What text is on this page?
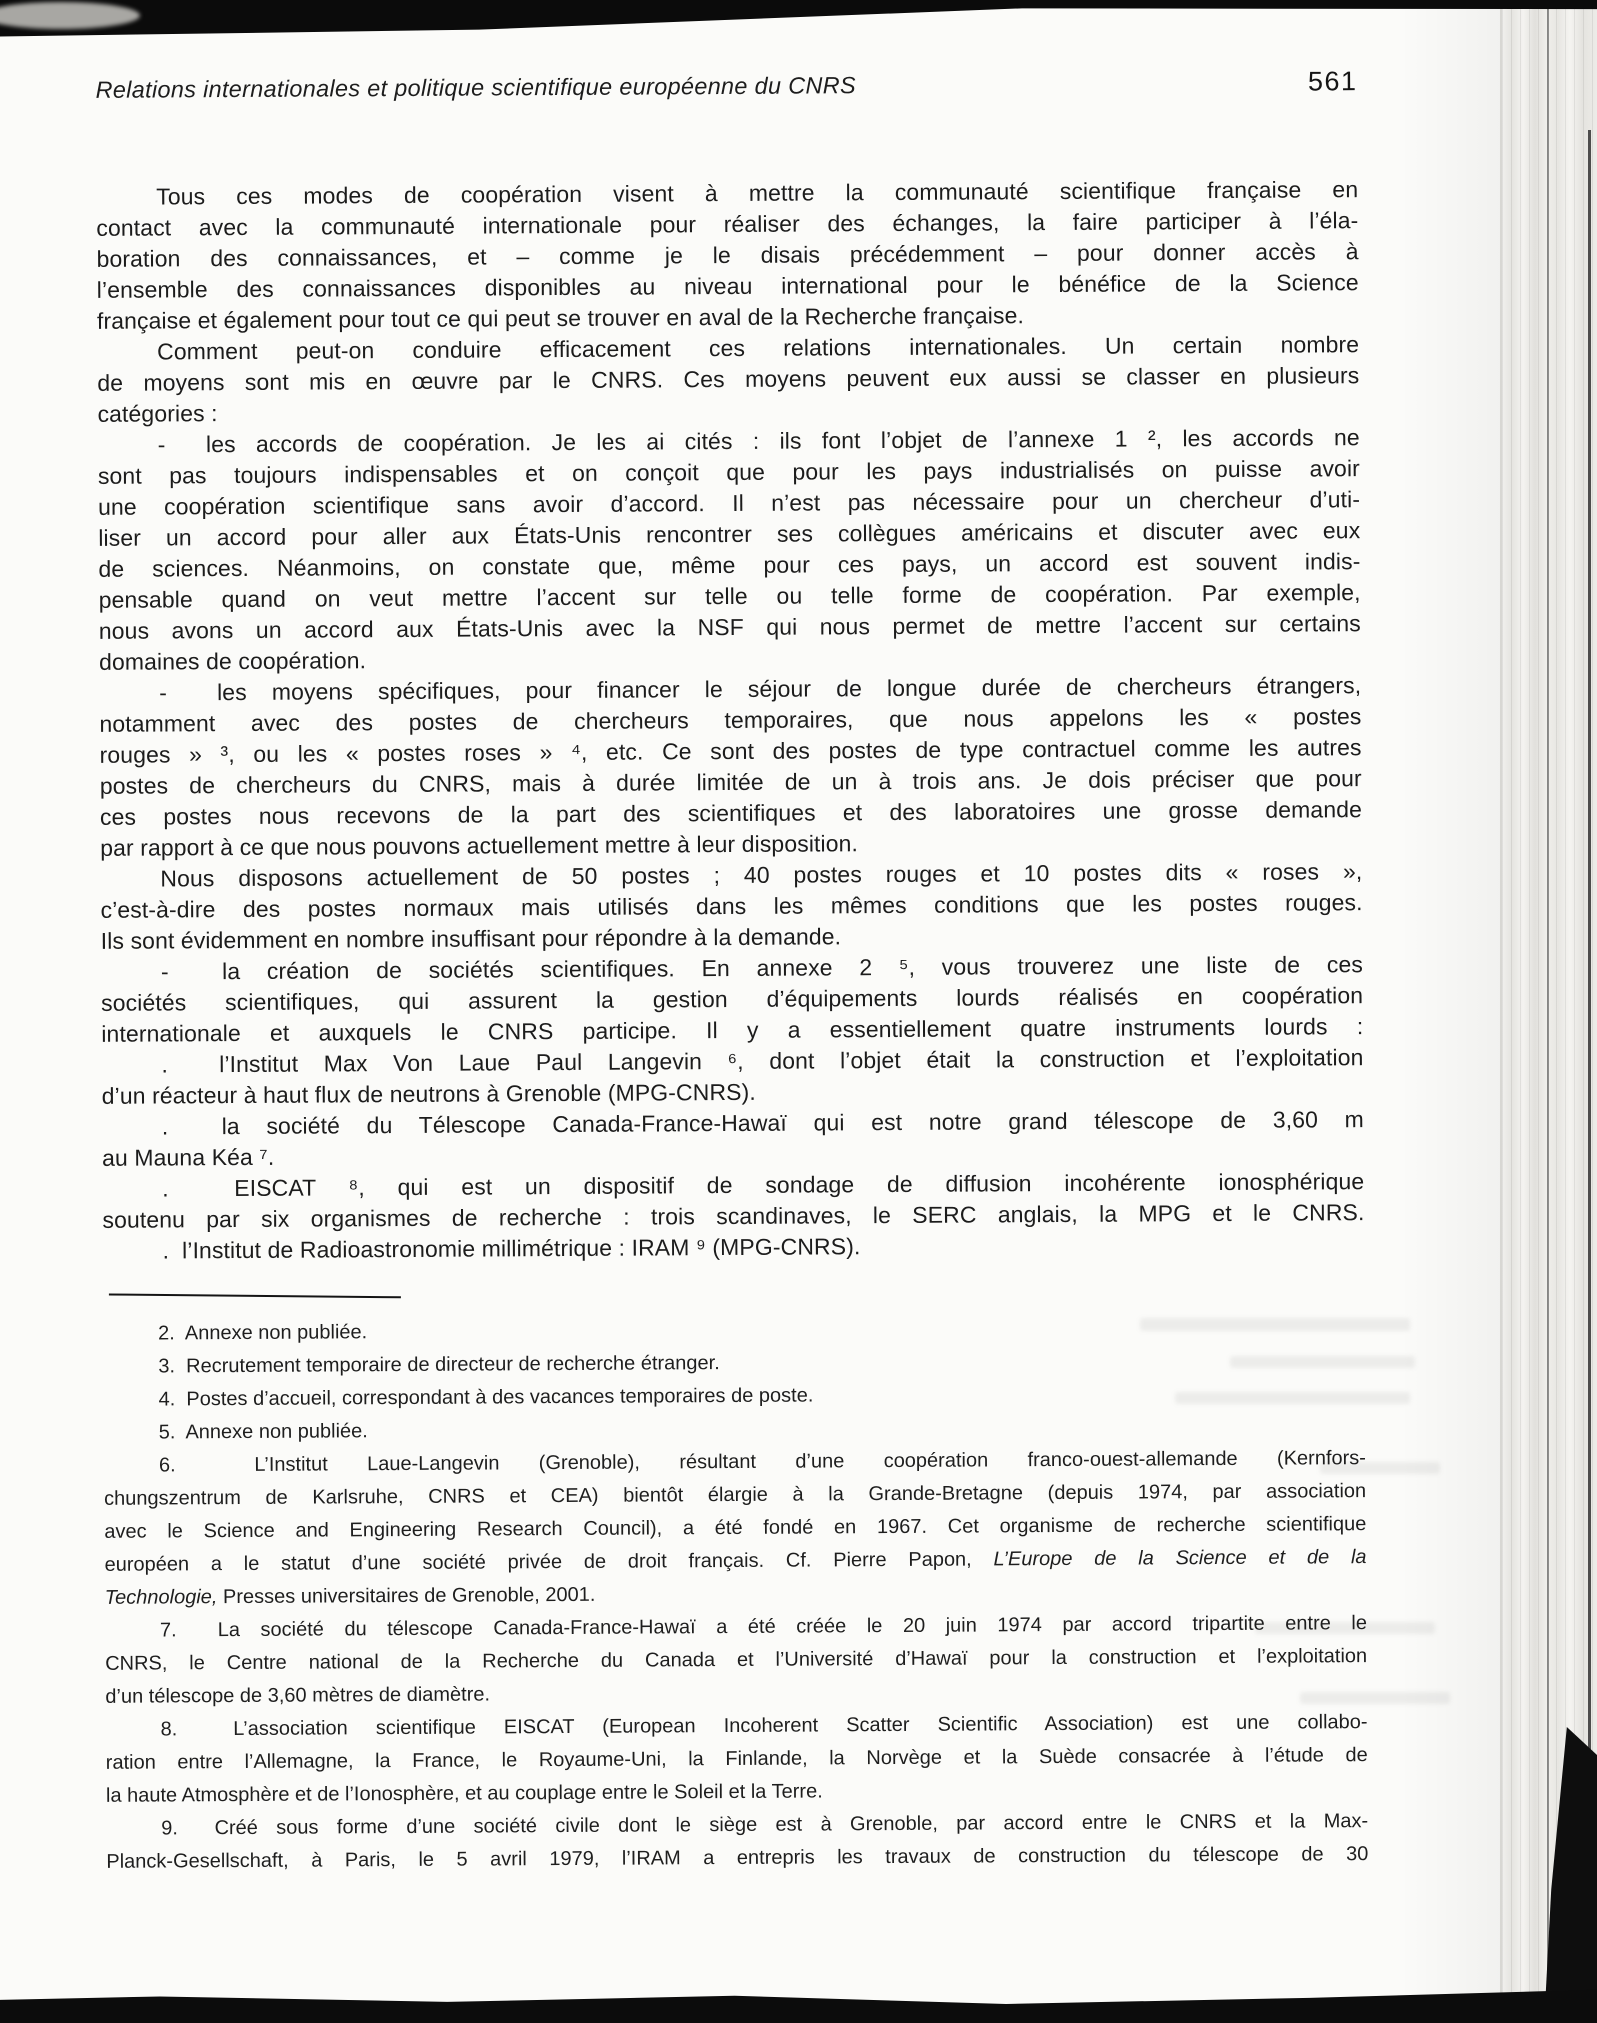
Relations internationales et politique scientifique européenne du CNRS	561
Tous ces modes de coopération visent à mettre la communauté scientifique française en
contact avec la communauté internationale pour réaliser des échanges, la faire participer à l’éla-
boration des connaissances, et – comme je le disais précédemment – pour donner accès à
l’ensemble des connaissances disponibles au niveau international pour le bénéfice de la Science
française et également pour tout ce qui peut se trouver en aval de la Recherche française.
Comment peut-on conduire efficacement ces relations internationales. Un certain nombre
de moyens sont mis en œuvre par le CNRS. Ces moyens peuvent eux aussi se classer en plusieurs
catégories :
-  les accords de coopération. Je les ai cités : ils font l’objet de l’annexe 1 ², les accords ne
sont pas toujours indispensables et on conçoit que pour les pays industrialisés on puisse avoir
une coopération scientifique sans avoir d’accord. Il n’est pas nécessaire pour un chercheur d’uti-
liser un accord pour aller aux États-Unis rencontrer ses collègues américains et discuter avec eux
de sciences. Néanmoins, on constate que, même pour ces pays, un accord est souvent indis-
pensable quand on veut mettre l’accent sur telle ou telle forme de coopération. Par exemple,
nous avons un accord aux États-Unis avec la NSF qui nous permet de mettre l’accent sur certains
domaines de coopération.
-  les moyens spécifiques, pour financer le séjour de longue durée de chercheurs étrangers,
notamment avec des postes de chercheurs temporaires, que nous appelons les « postes
rouges » ³, ou les « postes roses » ⁴, etc. Ce sont des postes de type contractuel comme les autres
postes de chercheurs du CNRS, mais à durée limitée de un à trois ans. Je dois préciser que pour
ces postes nous recevons de la part des scientifiques et des laboratoires une grosse demande
par rapport à ce que nous pouvons actuellement mettre à leur disposition.
Nous disposons actuellement de 50 postes ; 40 postes rouges et 10 postes dits « roses »,
c’est-à-dire des postes normaux mais utilisés dans les mêmes conditions que les postes rouges.
Ils sont évidemment en nombre insuffisant pour répondre à la demande.
-  la création de sociétés scientifiques. En annexe 2 ⁵, vous trouverez une liste de ces
sociétés scientifiques, qui assurent la gestion d’équipements lourds réalisés en coopération
internationale et auxquels le CNRS participe. Il y a essentiellement quatre instruments lourds :
.  l’Institut Max Von Laue Paul Langevin ⁶, dont l’objet était la construction et l’exploitation
d’un réacteur à haut flux de neutrons à Grenoble (MPG-CNRS).
.  la société du Télescope Canada-France-Hawaï qui est notre grand télescope de 3,60 m
au Mauna Kéa ⁷.
.  EISCAT ⁸, qui est un dispositif de sondage de diffusion incohérente ionosphérique
soutenu par six organismes de recherche : trois scandinaves, le SERC anglais, la MPG et le CNRS.
.  l’Institut de Radioastronomie millimétrique : IRAM ⁹ (MPG-CNRS).
2.  Annexe non publiée.
3.  Recrutement temporaire de directeur de recherche étranger.
4.  Postes d’accueil, correspondant à des vacances temporaires de poste.
5.  Annexe non publiée.
6.  L’Institut Laue-Langevin (Grenoble), résultant d’une coopération franco-ouest-allemande (Kernfors-
chungszentrum de Karlsruhe, CNRS et CEA) bientôt élargie à la Grande-Bretagne (depuis 1974, par association
avec le Science and Engineering Research Council), a été fondé en 1967. Cet organisme de recherche scientifique
européen a le statut d’une société privée de droit français. Cf. Pierre Papon, L’Europe de la Science et de la
Technologie, Presses universitaires de Grenoble, 2001.
7.  La société du télescope Canada-France-Hawaï a été créée le 20 juin 1974 par accord tripartite entre le
CNRS, le Centre national de la Recherche du Canada et l’Université d’Hawaï pour la construction et l’exploitation
d’un télescope de 3,60 mètres de diamètre.
8.  L’association scientifique EISCAT (European Incoherent Scatter Scientific Association) est une collabo-
ration entre l’Allemagne, la France, le Royaume-Uni, la Finlande, la Norvège et la Suède consacrée à l’étude de
la haute Atmosphère et de l’Ionosphère, et au couplage entre le Soleil et la Terre.
9.  Créé sous forme d’une société civile dont le siège est à Grenoble, par accord entre le CNRS et la Max-
Planck-Gesellschaft, à Paris, le 5 avril 1979, l’IRAM a entrepris les travaux de construction du télescope de 30
